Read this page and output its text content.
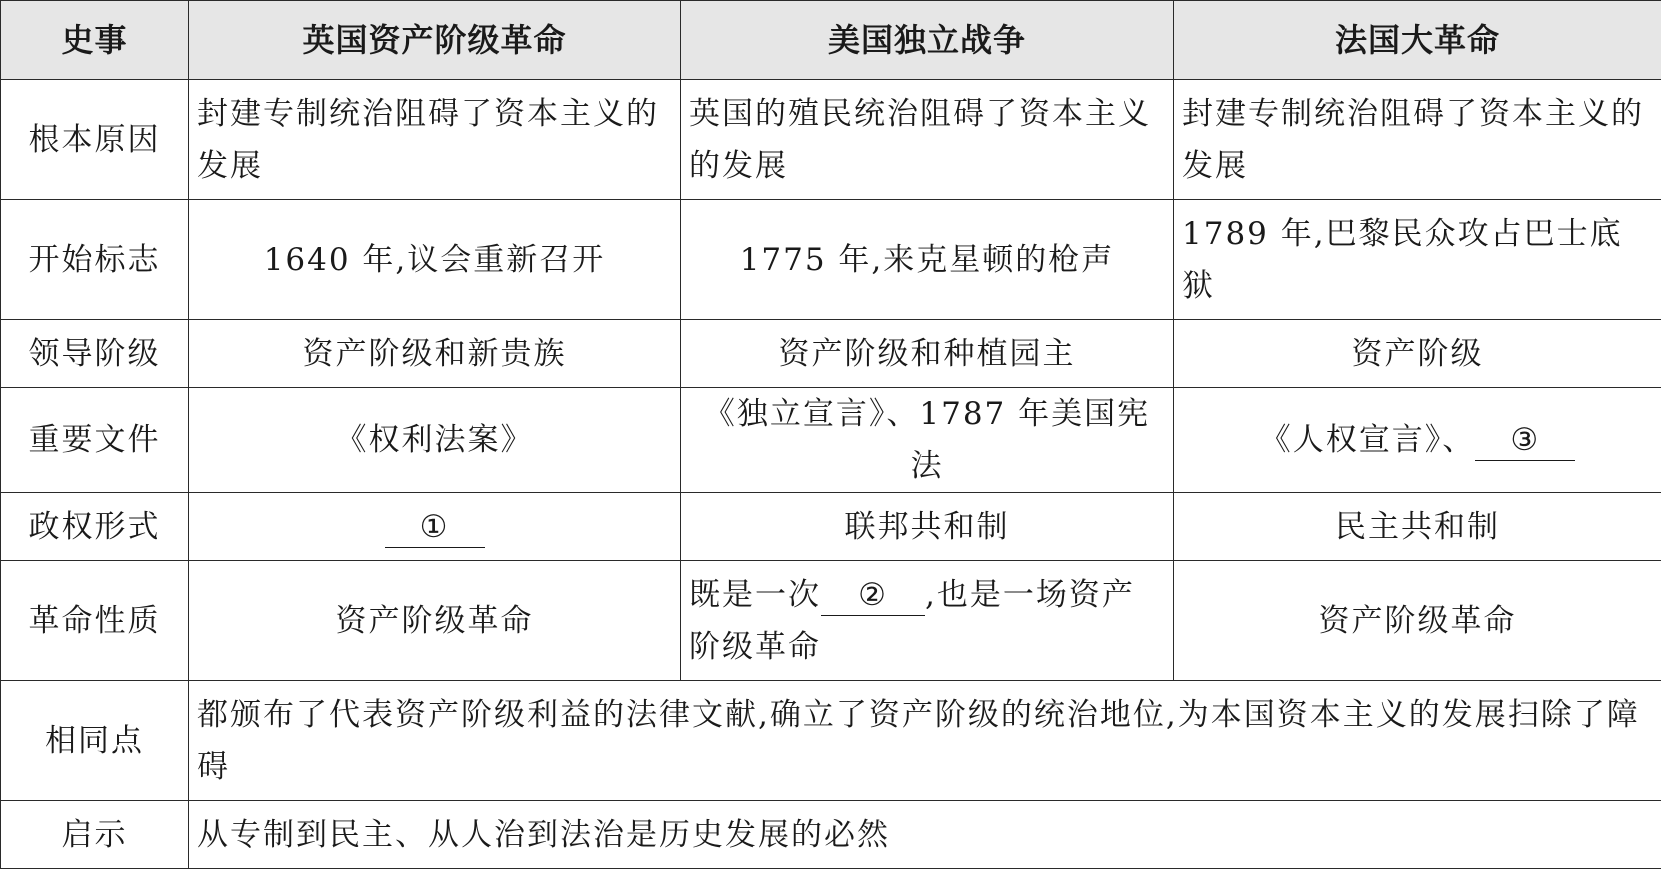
史事	英国资产阶级革命	美国独立战争	法国大革命
根本原因	封建专制统治阻碍了资本主义的发展	英国的殖民统治阻碍了资本主义的发展	封建专制统治阻碍了资本主义的发展
开始标志	1640 年,议会重新召开	1775 年,来克星顿的枪声	1789 年,巴黎民众攻占巴士底狱
领导阶级	资产阶级和新贵族	资产阶级和种植园主	资产阶级
重要文件	《权利法案》	《独立宣言》、1787 年美国宪法	《人权宣言》、 ③
政权形式	①	联邦共和制	民主共和制
革命性质	资产阶级革命	既是一次 ② ,也是一场资产阶级革命	资产阶级革命
相同点	都颁布了代表资产阶级利益的法律文献,确立了资产阶级的统治地位,为本国资本主义的发展扫除了障碍		
启示	从专制到民主、从人治到法治是历史发展的必然		
